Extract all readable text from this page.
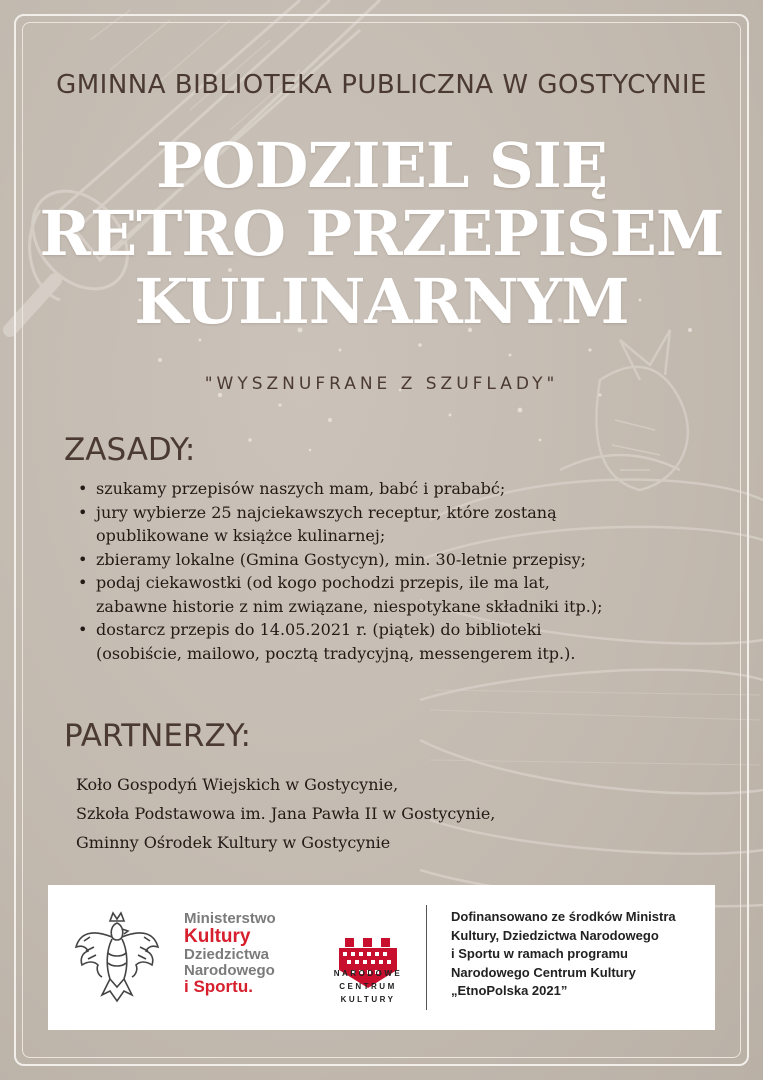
GMINNA BIBLIOTEKA PUBLICZNA W GOSTYCYNIE
PODZIEL SIĘ
RETRO PRZEPISEM
KULINARNYM
"WYSZNUFRANE Z SZUFLADY"
ZASADY:
• szukamy przepisów naszych mam, babć i prababć;
• jury wybierze 25 najciekawszych receptur, które zostaną
opublikowane w książce kulinarnej;
• zbieramy lokalne (Gmina Gostycyn), min. 30-letnie przepisy;
• podaj ciekawostki (od kogo pochodzi przepis, ile ma lat,
zabawne historie z nim związane, niespotykane składniki itp.);
• dostarcz przepis do 14.05.2021 r. (piątek) do biblioteki
(osobiście, mailowo, pocztą tradycyjną, messengerem itp.).
PARTNERZY:
Koło Gospodyń Wiejskich w Gostycynie,
Szkoła Podstawowa im. Jana Pawła II w Gostycynie,
Gminny Ośrodek Kultury w Gostycynie
Ministerstwo
Kultury
Dziedzictwa
Narodowego
i Sportu.
NARODOWE
CENTRUM
KULTURY
Dofinansowano ze środków Ministra
Kultury, Dziedzictwa Narodowego
i Sportu w ramach programu
Narodowego Centrum Kultury
„EtnoPolska 2021”
